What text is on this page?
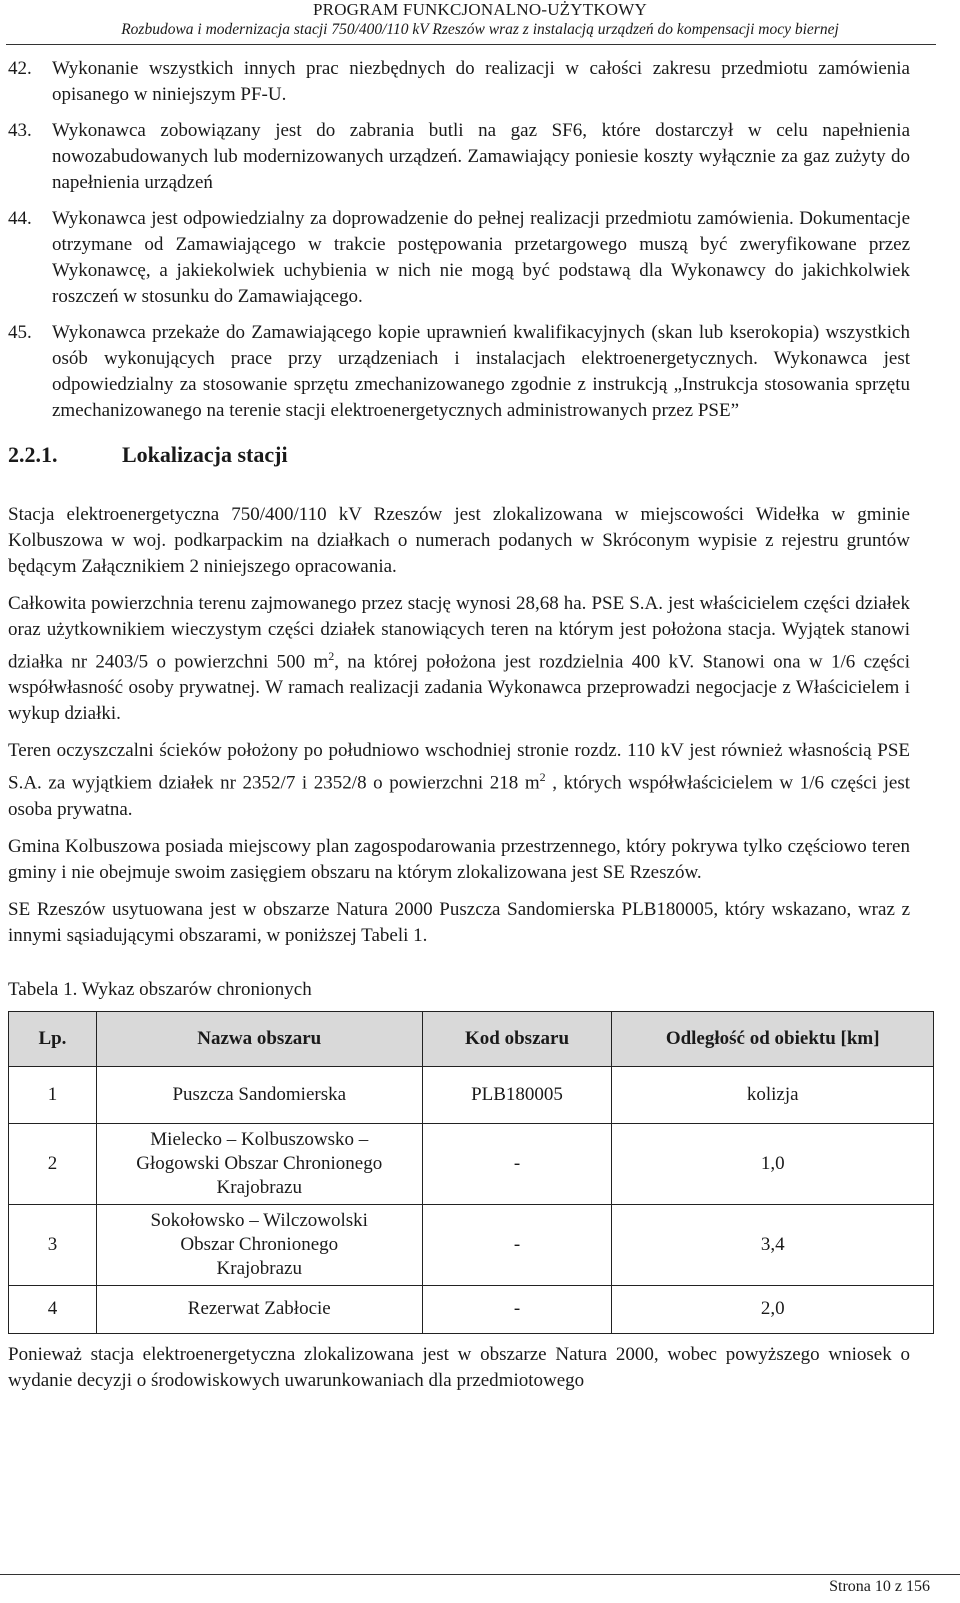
PROGRAM FUNKCJONALNO-UŻYTKOWY
Rozbudowa i modernizacja stacji 750/400/110 kV Rzeszów wraz z instalacją urządzeń do kompensacji mocy biernej
42.	Wykonanie wszystkich innych prac niezbędnych do realizacji w całości zakresu przedmiotu zamówienia opisanego w niniejszym PF-U.
43.	Wykonawca zobowiązany jest do zabrania butli na gaz SF6, które dostarczył w celu napełnienia nowozabudowanych lub modernizowanych urządzeń. Zamawiający poniesie koszty wyłącznie za gaz zużyty do napełnienia urządzeń
44.	Wykonawca jest odpowiedzialny za doprowadzenie do pełnej realizacji przedmiotu zamówienia. Dokumentacje otrzymane od Zamawiającego w trakcie postępowania przetargowego muszą być zweryfikowane przez Wykonawcę, a jakiekolwiek uchybienia w nich nie mogą być podstawą dla Wykonawcy do jakichkolwiek roszczeń w stosunku do Zamawiającego.
45.	Wykonawca przekaże do Zamawiającego kopie uprawnień kwalifikacyjnych (skan lub kserokopia) wszystkich osób wykonujących prace przy urządzeniach i instalacjach elektroenergetycznych. Wykonawca jest odpowiedzialny za stosowanie sprzętu zmechanizowanego zgodnie z instrukcją „Instrukcja stosowania sprzętu zmechanizowanego na terenie stacji elektroenergetycznych administrowanych przez PSE”
2.2.1.	Lokalizacja stacji

Stacja elektroenergetyczna 750/400/110 kV Rzeszów jest zlokalizowana w miejscowości Widełka w gminie Kolbuszowa w woj. podkarpackim na działkach o numerach podanych w Skróconym wypisie z rejestru gruntów będącym Załącznikiem 2 niniejszego opracowania.

Całkowita powierzchnia terenu zajmowanego przez stację wynosi 28,68 ha. PSE S.A. jest właścicielem części działek oraz użytkownikiem wieczystym części działek stanowiących teren na którym jest położona stacja. Wyjątek stanowi działka nr 2403/5 o powierzchni 500 $m^2$, na której położona jest rozdzielnia 400 kV. Stanowi ona w 1/6 części współwłasność osoby prywatnej. W ramach realizacji zadania Wykonawca przeprowadzi negocjacje z Właścicielem i wykup działki.

Teren oczyszczalni ścieków położony po południowo wschodniej stronie rozdz. 110 kV jest również własnością PSE S.A. za wyjątkiem działek nr 2352/7 i 2352/8 o powierzchni 218 $m^2$ , których współwłaścicielem w 1/6 części jest osoba prywatna.

Gmina Kolbuszowa posiada miejscowy plan zagospodarowania przestrzennego, który pokrywa tylko częściowo teren gminy i nie obejmuje swoim zasięgiem obszaru na którym zlokalizowana jest SE Rzeszów.

SE Rzeszów usytuowana jest w obszarze Natura 2000 Puszcza Sandomierska PLB180005, który wskazano, wraz z innymi sąsiadującymi obszarami, w poniższej Tabeli 1.

Tabela 1. Wykaz obszarów chronionych
Lp.	Nazwa obszaru	Kod obszaru	Odległość od obiektu [km]
1	Puszcza Sandomierska	PLB180005	kolizja
2	Mielecko – Kolbuszowsko – Głogowski Obszar Chronionego Krajobrazu	-	1,0
3	Sokołowsko – Wilczowolski Obszar Chronionego Krajobrazu	-	3,4
4	Rezerwat Zabłocie	-	2,0

Ponieważ stacja elektroenergetyczna zlokalizowana jest w obszarze Natura 2000, wobec powyższego wniosek o wydanie decyzji o środowiskowych uwarunkowaniach dla przedmiotowego

Strona 10 z 156
